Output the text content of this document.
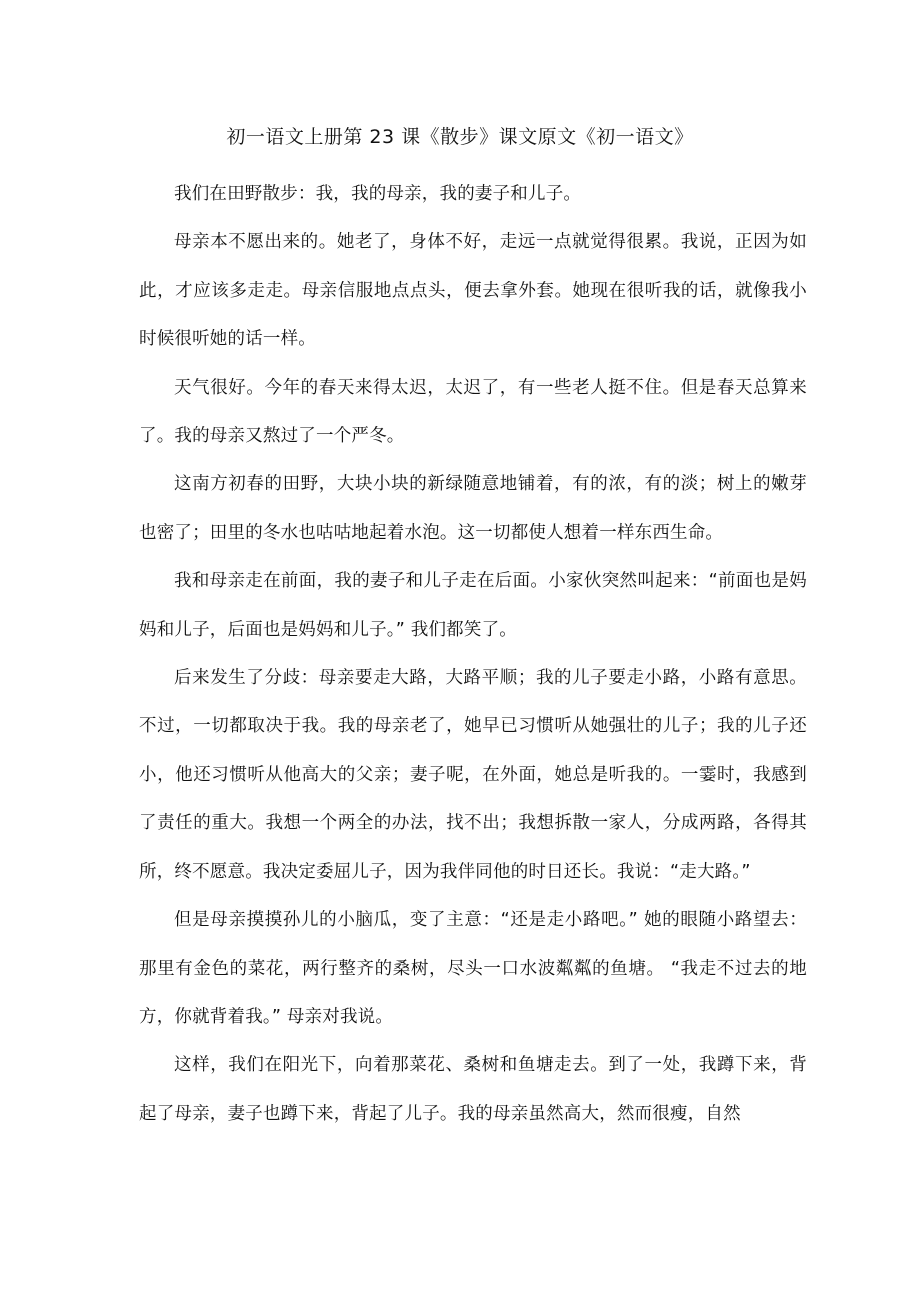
初一语文上册第 23 课《散步》课文原文《初一语文》

我们在田野散步：我，我的母亲，我的妻子和儿子。

母亲本不愿出来的。她老了，身体不好，走远一点就觉得很累。我说，正因为如此，才应该多走走。母亲信服地点点头，便去拿外套。她现在很听我的话，就像我小时候很听她的话一样。

天气很好。今年的春天来得太迟，太迟了，有一些老人挺不住。但是春天总算来了。我的母亲又熬过了一个严冬。

这南方初春的田野，大块小块的新绿随意地铺着，有的浓，有的淡；树上的嫩芽也密了；田里的冬水也咕咕地起着水泡。这一切都使人想着一样东西生命。

我和母亲走在前面，我的妻子和儿子走在后面。小家伙突然叫起来：“前面也是妈妈和儿子，后面也是妈妈和儿子。” 我们都笑了。

后来发生了分歧：母亲要走大路，大路平顺；我的儿子要走小路，小路有意思。不过，一切都取决于我。我的母亲老了，她早已习惯听从她强壮的儿子；我的儿子还小，他还习惯听从他高大的父亲；妻子呢，在外面，她总是听我的。一霎时，我感到了责任的重大。我想一个两全的办法，找不出；我想拆散一家人，分成两路，各得其所，终不愿意。我决定委屈儿子，因为我伴同他的时日还长。我说：“走大路。”

但是母亲摸摸孙儿的小脑瓜，变了主意：“还是走小路吧。” 她的眼随小路望去：那里有金色的菜花，两行整齐的桑树，尽头一口水波粼粼的鱼塘。 “我走不过去的地方，你就背着我。” 母亲对我说。

这样，我们在阳光下，向着那菜花、桑树和鱼塘走去。到了一处，我蹲下来，背起了母亲，妻子也蹲下来，背起了儿子。我的母亲虽然高大，然而很瘦，自然
